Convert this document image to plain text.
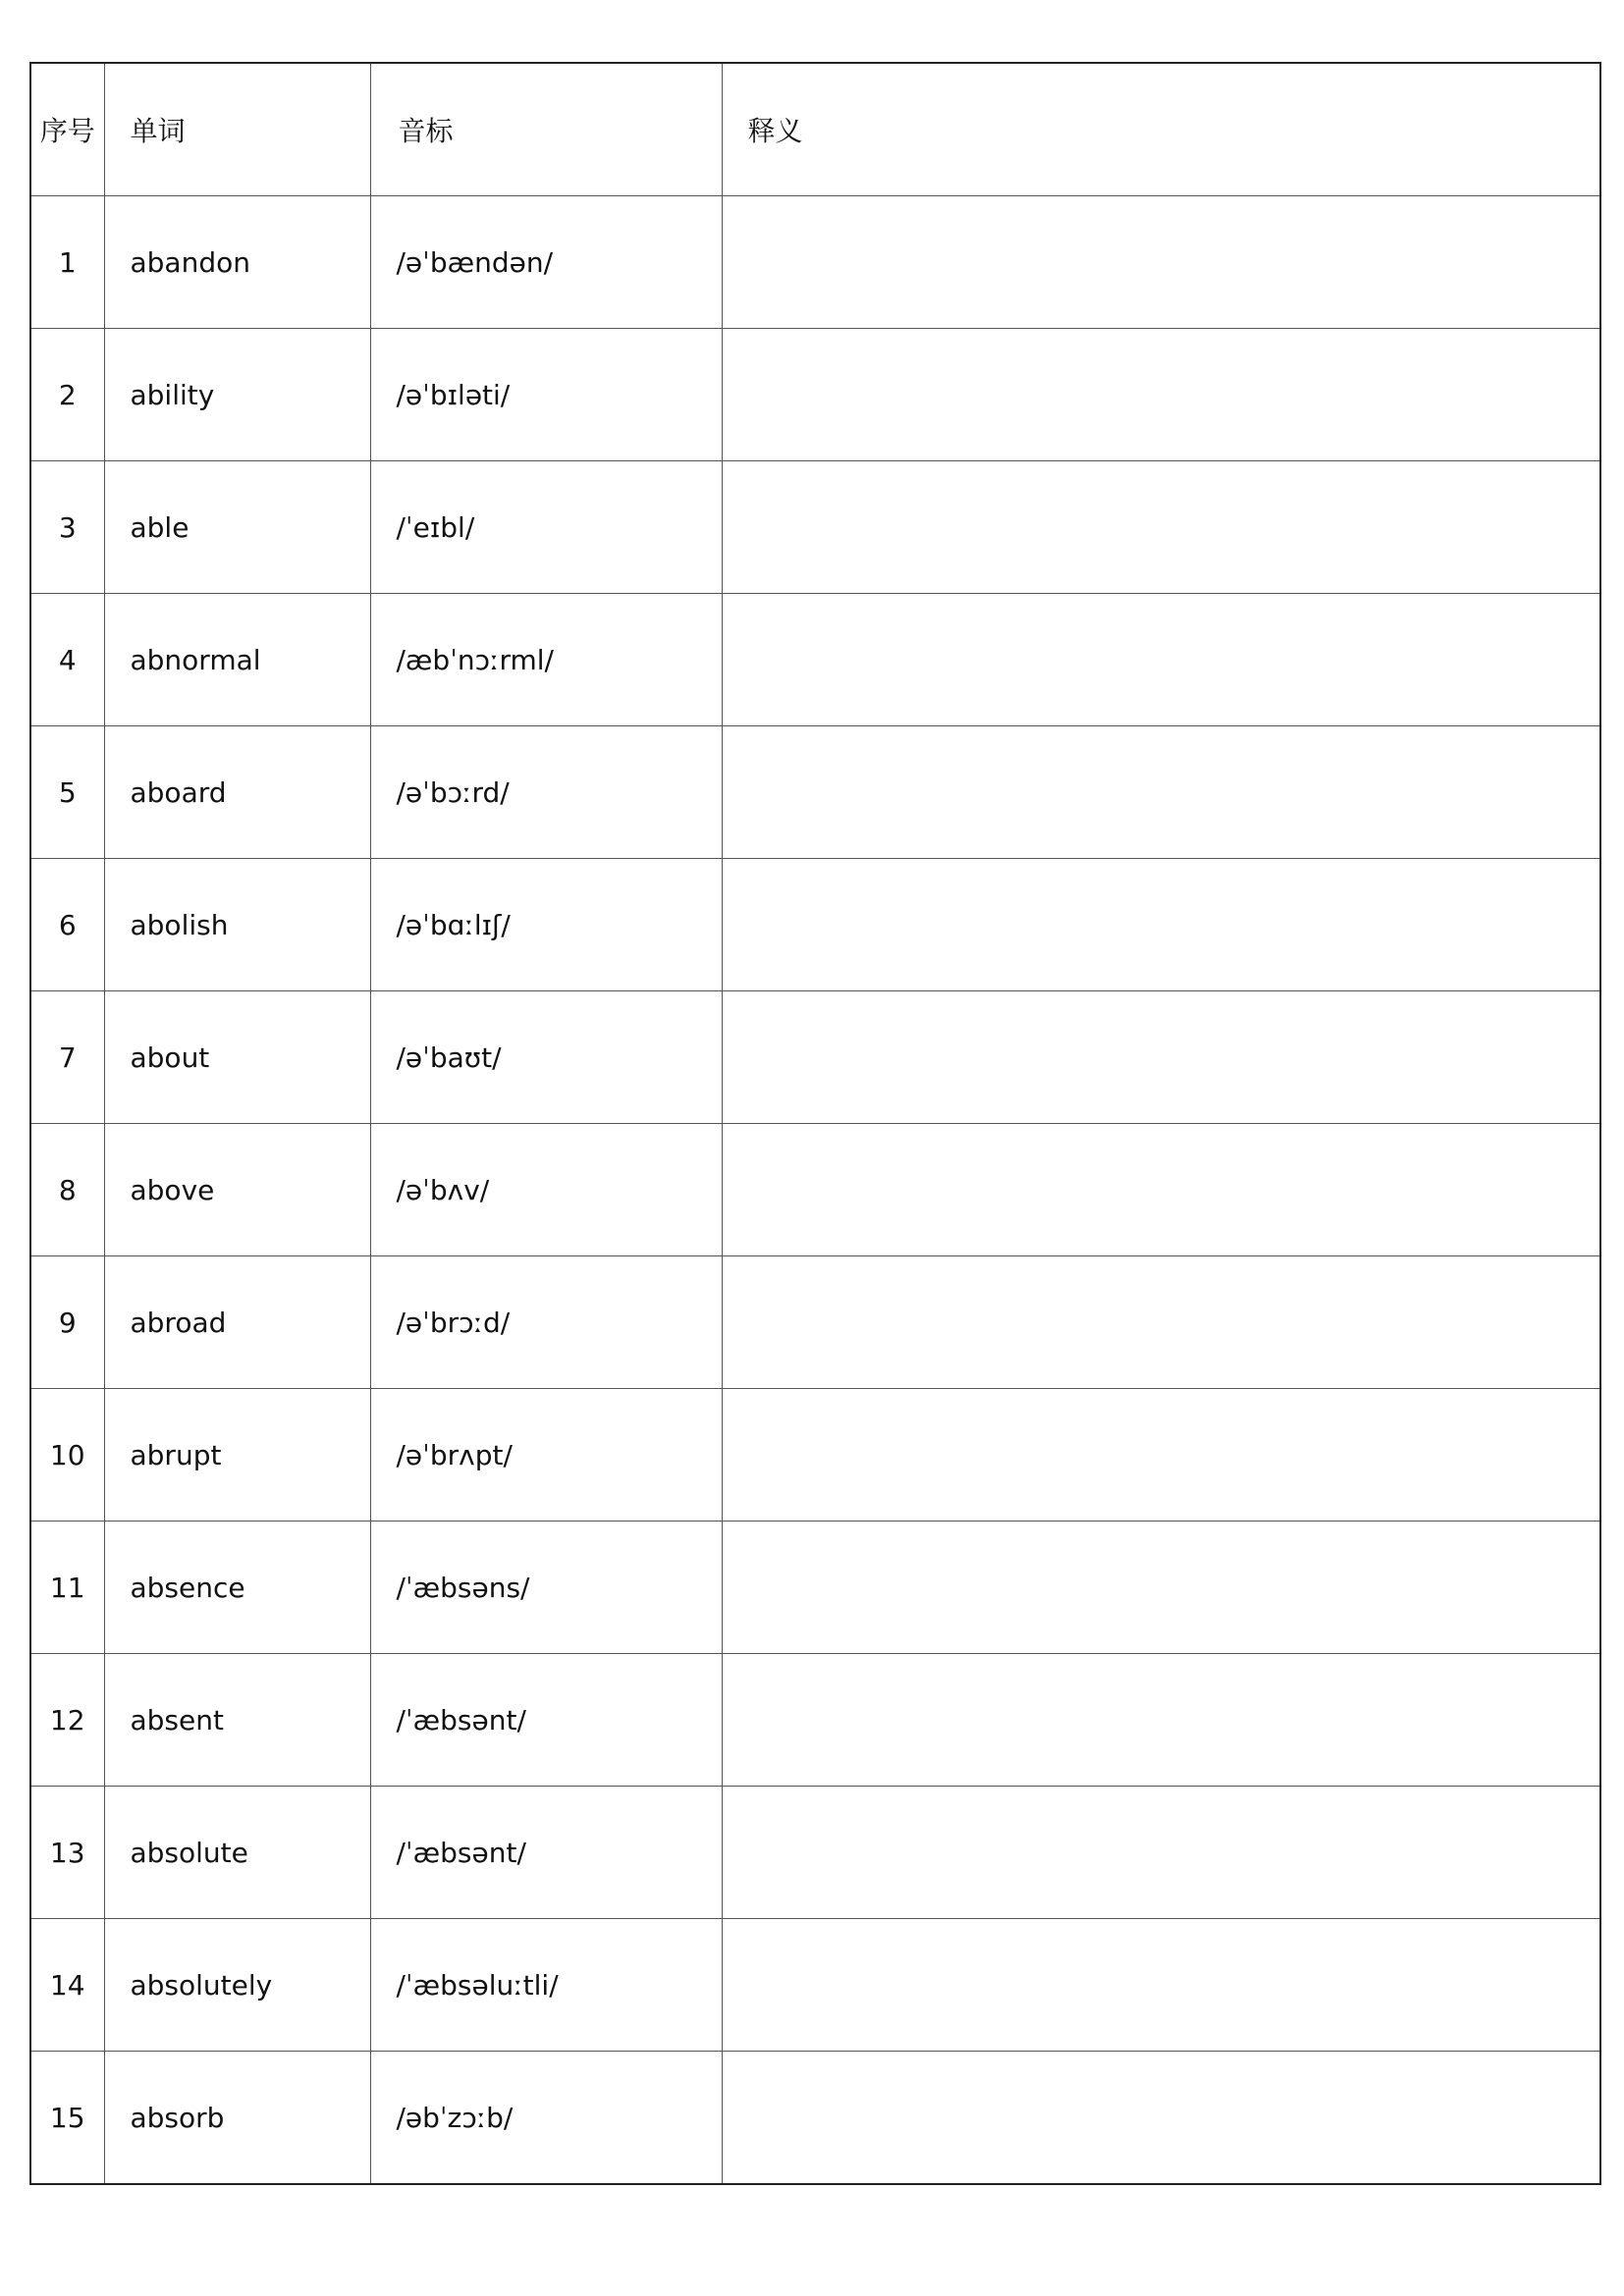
序号	单词	音标	释义
1	abandon	/əˈbændən/	
2	ability	/əˈbɪləti/	
3	able	/ˈeɪbl/	
4	abnormal	/æbˈnɔːrml/	
5	aboard	/əˈbɔːrd/	
6	abolish	/əˈbɑːlɪʃ/	
7	about	/əˈbaʊt/	
8	above	/əˈbʌv/	
9	abroad	/əˈbrɔːd/	
10	abrupt	/əˈbrʌpt/	
11	absence	/ˈæbsəns/	
12	absent	/ˈæbsənt/	
13	absolute	/ˈæbsənt/	
14	absolutely	/ˈæbsəluːtli/	
15	absorb	/əbˈzɔːb/	
